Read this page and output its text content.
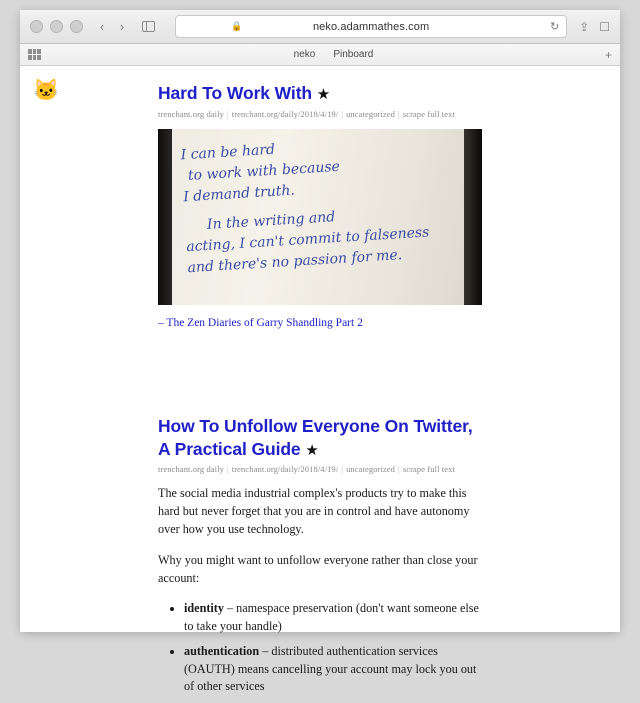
‹	›	🔒	neko.adammathes.com	↻ ⇪ ☐
neko Pinboard	+
🐱	Hard To Work With ★
trenchant.org daily | trenchant.org/daily/2018/4/19/ | uncategorized | scrape full text
I can be hard
to work with because
I demand truth.
In the writing and
acting, I can't commit to falseness and there's no passion for me.
– The Zen Diaries of Garry Shandling Part 2
How To Unfollow Everyone On Twitter, A Practical Guide ★
trenchant.org daily | trenchant.org/daily/2018/4/19/ | uncategorized | scrape full text

The social media industrial complex's products try to make this hard but never forget that you are in control and have autonomy over how you use technology.

Why you might want to unfollow everyone rather than close your account:

• identity – namespace preservation (don't want someone else to take your handle)
• authentication – distributed authentication services (OAUTH) means cancelling your account may lock you out of other services
